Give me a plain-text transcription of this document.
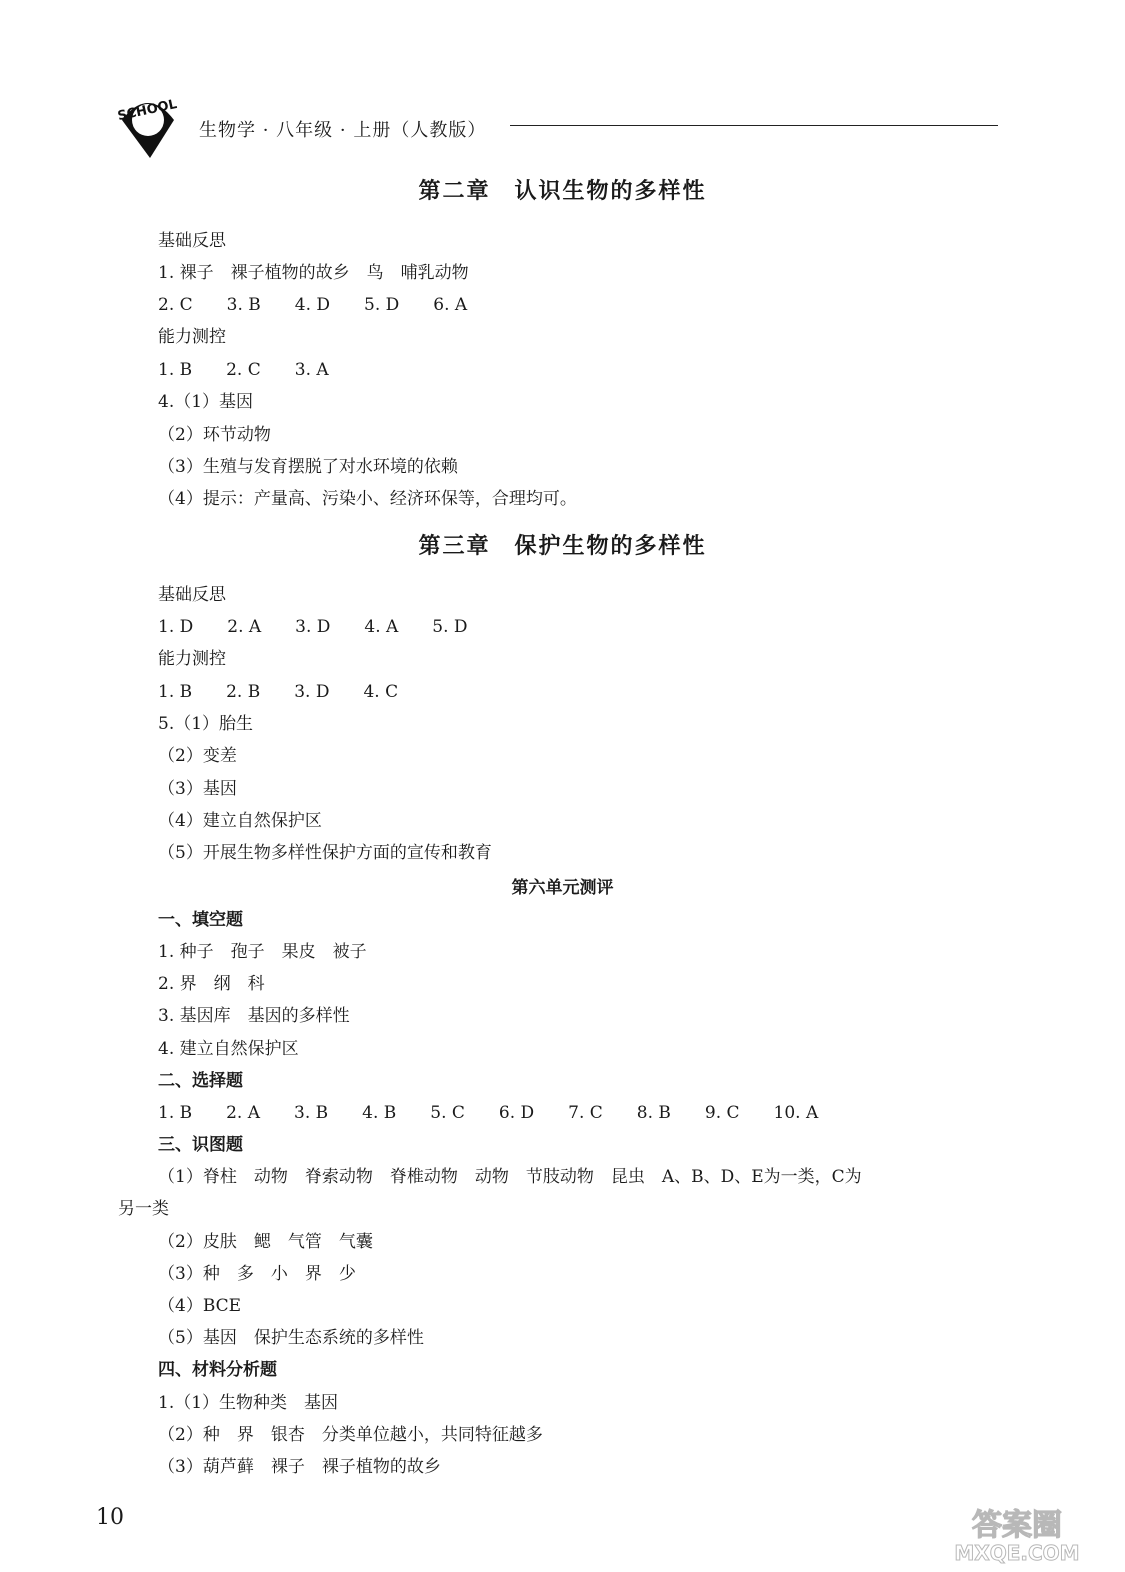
SCHOOL
生物学 · 八年级 · 上册（人教版）
第二章　认识生物的多样性
基础反思
1. 裸子　裸子植物的故乡　鸟　哺乳动物
2. C　　3. B　　4. D　　5. D　　6. A
能力测控
1. B　　2. C　　3. A
4.（1）基因
（2）环节动物
（3）生殖与发育摆脱了对水环境的依赖
（4）提示：产量高、污染小、经济环保等，合理均可。
第三章　保护生物的多样性
基础反思
1. D　　2. A　　3. D　　4. A　　5. D
能力测控
1. B　　2. B　　3. D　　4. C
5.（1）胎生
（2）变差
（3）基因
（4）建立自然保护区
（5）开展生物多样性保护方面的宣传和教育
第六单元测评
一、填空题
1. 种子　孢子　果皮　被子
2. 界　纲　科
3. 基因库　基因的多样性
4. 建立自然保护区
二、选择题
1. B　　2. A　　3. B　　4. B　　5. C　　6. D　　7. C　　8. B　　9. C　　10. A
三、识图题
（1）脊柱　动物　脊索动物　脊椎动物　动物　节肢动物　昆虫　A、B、D、E为一类，C为
另一类
（2）皮肤　鳃　气管　气囊
（3）种　多　小　界　少
（4）BCE
（5）基因　保护生态系统的多样性
四、材料分析题
1.（1）生物种类　基因
（2）种　界　银杏　分类单位越小，共同特征越多
（3）葫芦藓　裸子　裸子植物的故乡
10	答案圈
MXQE.COM
